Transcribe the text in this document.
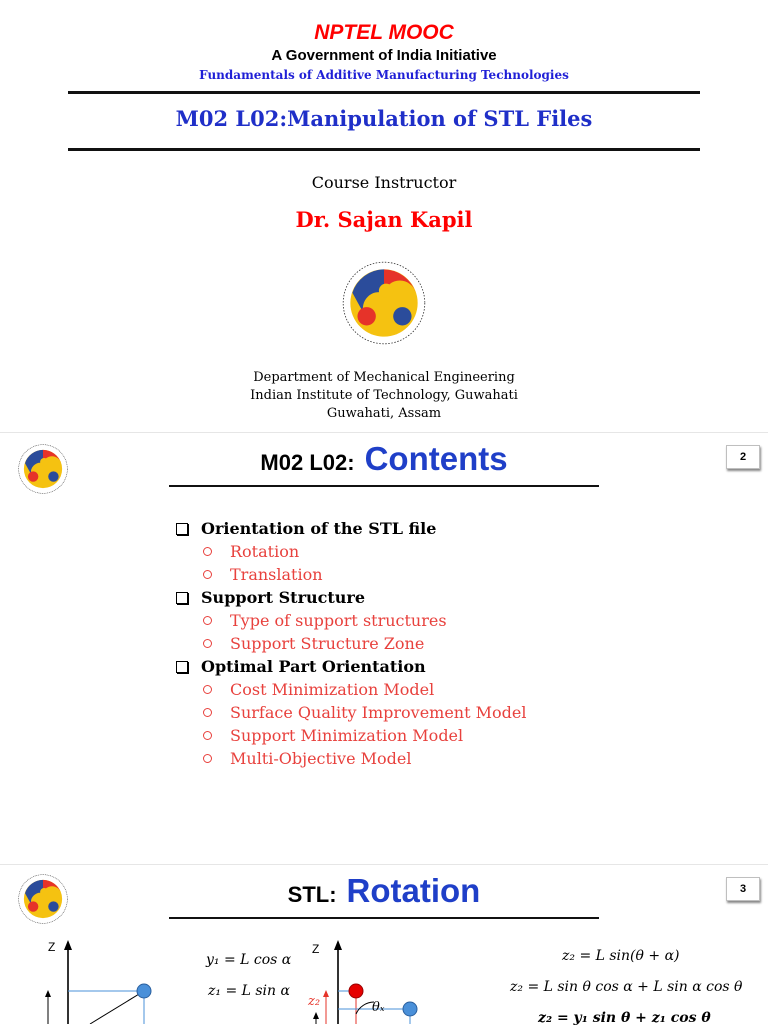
NPTEL MOOC
A Government of India Initiative
Fundamentals of Additive Manufacturing Technologies
M02 L02:Manipulation of STL Files
Course Instructor
Dr. Sajan Kapil
Department of Mechanical Engineering
Indian Institute of Technology, Guwahati
Guwahati, Assam
M02 L02: Contents	2
Orientation of the STL file
Rotation
Translation
Support Structure
Type of support structures
Support Structure Zone
Optimal Part Orientation
Cost Minimization Model
Surface Quality Improvement Model
Support Minimization Model
Multi-Objective Model
STL: Rotation	3
Z
y₁ = L cos α
z₁ = L sin α
Z
z₂	θₓ
z₂ = L sin(θ + α)
z₂ = L sin θ cos α + L sin α cos θ
z₂ = y₁ sin θ + z₁ cos θ
